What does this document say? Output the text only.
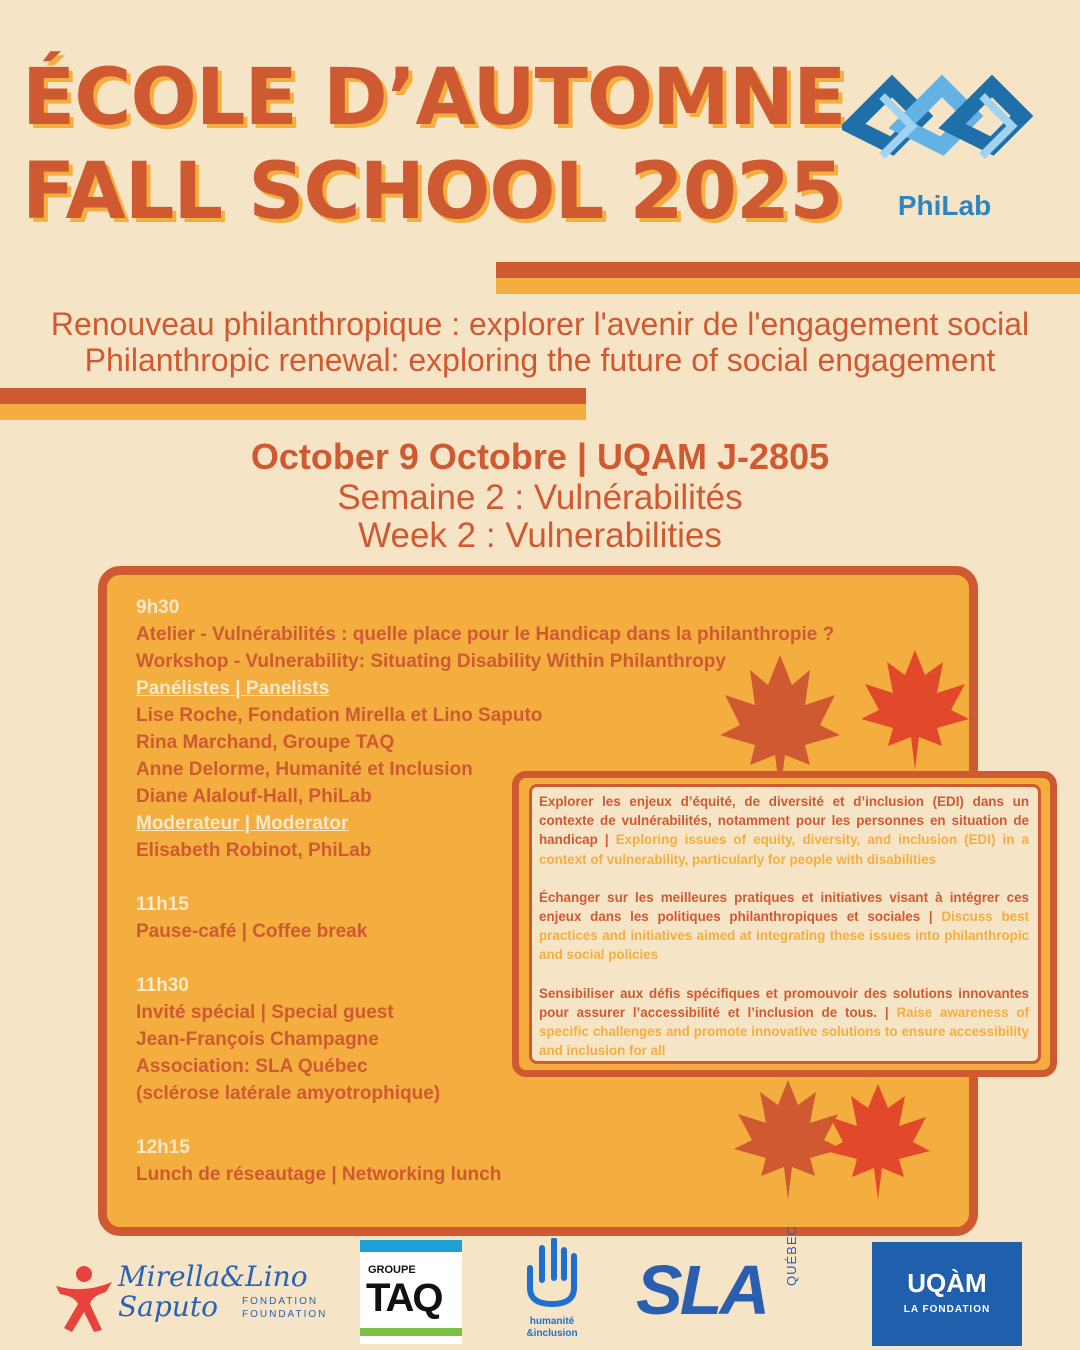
ÉCOLE D’AUTOMNE
FALL SCHOOL 2025	PhiLab
Renouveau philanthropique : explorer l'avenir de l'engagement social
Philanthropic renewal: exploring the future of social engagement
October 9 Octobre | UQAM J-2805
Semaine 2 : Vulnérabilités
Week 2 : Vulnerabilities
9h30
Atelier - Vulnérabilités : quelle place pour le Handicap dans la philanthropie ?
Workshop - Vulnerability: Situating Disability Within Philanthropy
Panélistes | Panelists
Lise Roche, Fondation Mirella et Lino Saputo
Rina Marchand, Groupe TAQ
Anne Delorme, Humanité et Inclusion
Diane Alalouf-Hall, PhiLab
Moderateur | Moderator
Elisabeth Robinot, PhiLab
11h15
Pause-café | Coffee break
11h30
Invité spécial | Special guest
Jean-François Champagne
Association: SLA Québec
(sclérose latérale amyotrophique)
12h15
Lunch de réseautage | Networking lunch

Explorer les enjeux d’équité, de diversité et d’inclusion (EDI) dans un contexte de vulnérabilités, notamment pour les personnes en situation de handicap | Exploring issues of equity, diversity, and inclusion (EDI) in a context of vulnerability, particularly for people with disabilities

Échanger sur les meilleures pratiques et initiatives visant à intégrer ces enjeux dans les politiques philanthropiques et sociales | Discuss best practices and initiatives aimed at integrating these issues into philanthropic and social policies

Sensibiliser aux défis spécifiques et promouvoir des solutions innovantes pour assurer l’accessibilité et l’inclusion de tous. | Raise awareness of specific challenges and promote innovative solutions to ensure accessibility and inclusion for all

Mirella&Lino
Saputo FONDATION
FOUNDATION
GROUPE
TAQ
humanité
&inclusion
SLA QUÉBEC	UQÀM
LA FONDATION
